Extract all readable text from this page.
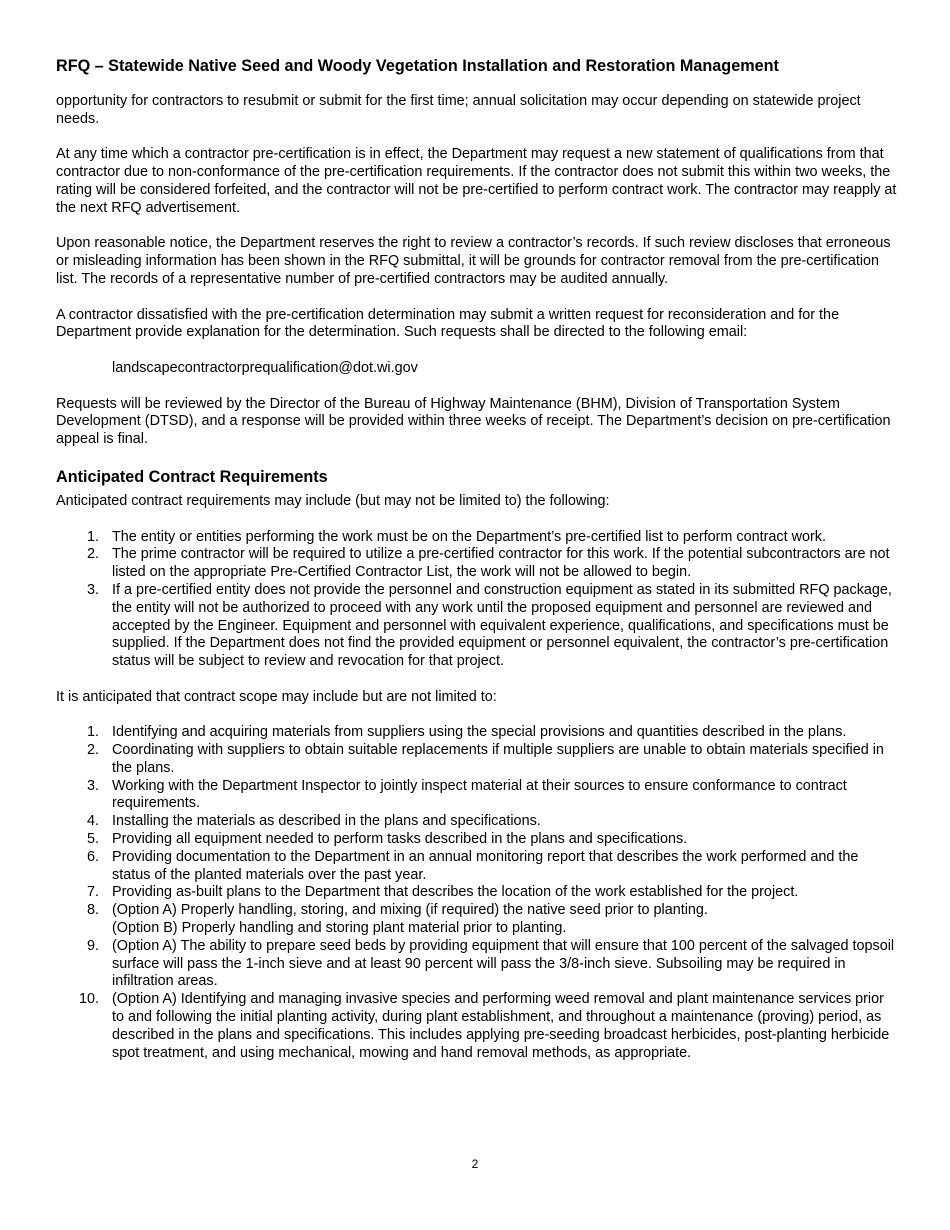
RFQ – Statewide Native Seed and Woody Vegetation Installation and Restoration Management

opportunity for contractors to resubmit or submit for the first time; annual solicitation may occur depending on statewide project needs.

At any time which a contractor pre-certification is in effect, the Department may request a new statement of qualifications from that contractor due to non-conformance of the pre-certification requirements. If the contractor does not submit this within two weeks, the rating will be considered forfeited, and the contractor will not be pre-certified to perform contract work. The contractor may reapply at the next RFQ advertisement.

Upon reasonable notice, the Department reserves the right to review a contractor’s records. If such review discloses that erroneous or misleading information has been shown in the RFQ submittal, it will be grounds for contractor removal from the pre-certification list. The records of a representative number of pre-certified contractors may be audited annually.

A contractor dissatisfied with the pre-certification determination may submit a written request for reconsideration and for the Department provide explanation for the determination. Such requests shall be directed to the following email:

landscapecontractorprequalification@dot.wi.gov

Requests will be reviewed by the Director of the Bureau of Highway Maintenance (BHM), Division of Transportation System Development (DTSD), and a response will be provided within three weeks of receipt. The Department’s decision on pre-certification appeal is final.

Anticipated Contract Requirements

Anticipated contract requirements may include (but may not be limited to) the following:

1. The entity or entities performing the work must be on the Department’s pre-certified list to perform contract work.
2. The prime contractor will be required to utilize a pre-certified contractor for this work. If the potential subcontractors are not listed on the appropriate Pre-Certified Contractor List, the work will not be allowed to begin.
3. If a pre-certified entity does not provide the personnel and construction equipment as stated in its submitted RFQ package, the entity will not be authorized to proceed with any work until the proposed equipment and personnel are reviewed and accepted by the Engineer. Equipment and personnel with equivalent experience, qualifications, and specifications must be supplied. If the Department does not find the provided equipment or personnel equivalent, the contractor’s pre-certification status will be subject to review and revocation for that project.

It is anticipated that contract scope may include but are not limited to:

1. Identifying and acquiring materials from suppliers using the special provisions and quantities described in the plans.
2. Coordinating with suppliers to obtain suitable replacements if multiple suppliers are unable to obtain materials specified in the plans.
3. Working with the Department Inspector to jointly inspect material at their sources to ensure conformance to contract requirements.
4. Installing the materials as described in the plans and specifications.
5. Providing all equipment needed to perform tasks described in the plans and specifications.
6. Providing documentation to the Department in an annual monitoring report that describes the work performed and the status of the planted materials over the past year.
7. Providing as-built plans to the Department that describes the location of the work established for the project.
8. (Option A) Properly handling, storing, and mixing (if required) the native seed prior to planting.
(Option B) Properly handling and storing plant material prior to planting.
9. (Option A) The ability to prepare seed beds by providing equipment that will ensure that 100 percent of the salvaged topsoil surface will pass the 1-inch sieve and at least 90 percent will pass the 3/8-inch sieve. Subsoiling may be required in infiltration areas.
10. (Option A) Identifying and managing invasive species and performing weed removal and plant maintenance services prior to and following the initial planting activity, during plant establishment, and throughout a maintenance (proving) period, as described in the plans and specifications. This includes applying pre-seeding broadcast herbicides, post-planting herbicide spot treatment, and using mechanical, mowing and hand removal methods, as appropriate.
2
